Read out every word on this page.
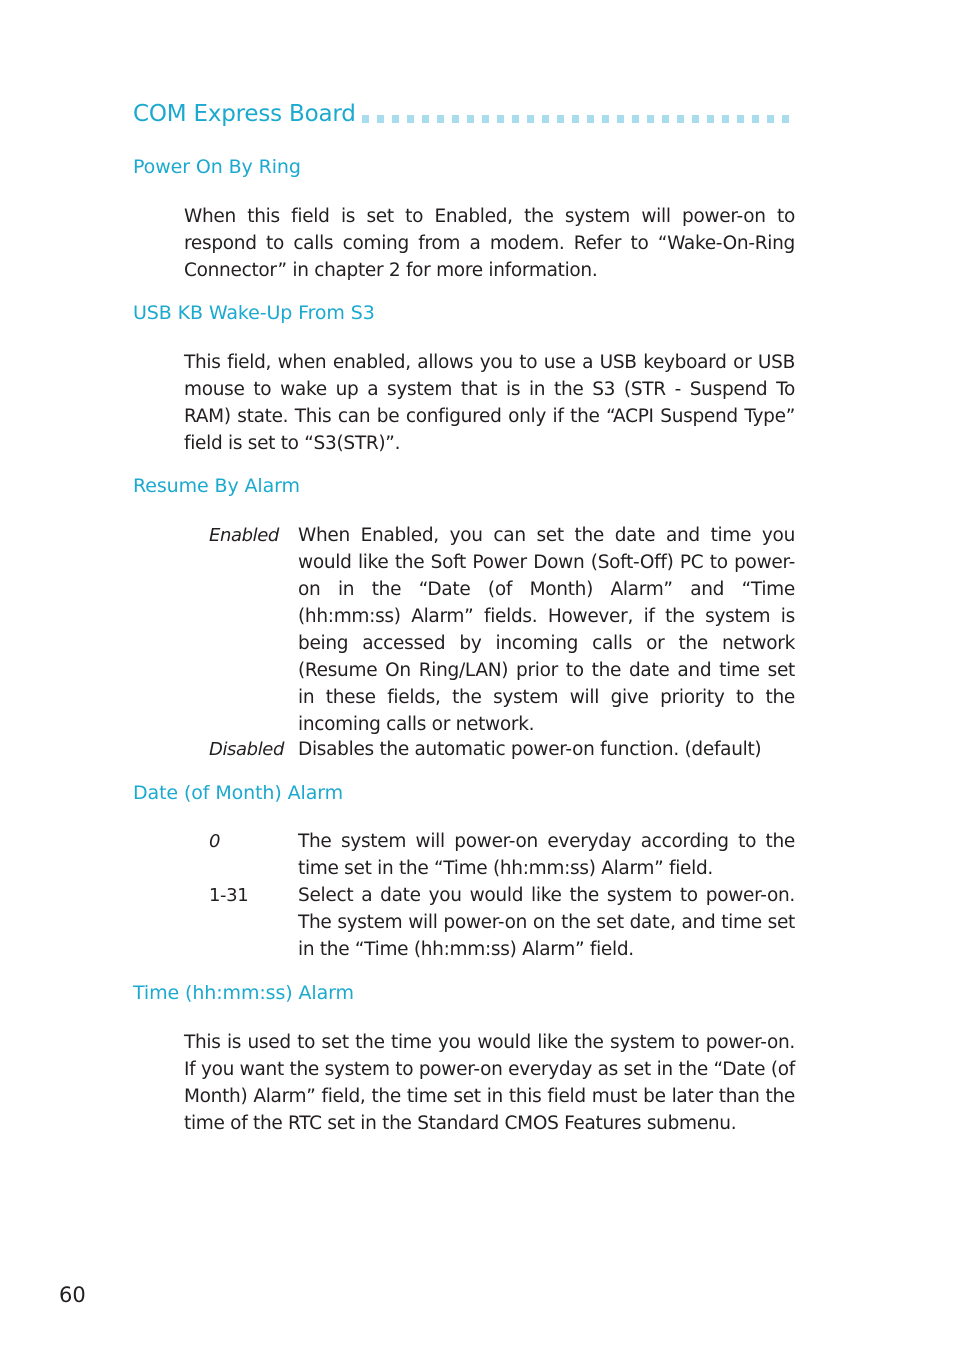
COM Express Board
Power On By Ring
When this field is set to Enabled, the system will power-on to respond to calls coming from a modem. Refer to “Wake-On-Ring Connector” in chapter 2 for more information.
USB KB Wake-Up From S3
This field, when enabled, allows you to use a USB keyboard or USB mouse to wake up a system that is in the S3 (STR - Suspend To RAM) state. This can be configured only if the “ACPI Suspend Type” field is set to “S3(STR)”.
Resume By Alarm
Enabled When Enabled, you can set the date and time you would like the Soft Power Down (Soft-Off) PC to power-on in the “Date (of Month) Alarm” and “Time (hh:mm:ss) Alarm” fields. However, if the system is being accessed by incoming calls or the network (Resume On Ring/LAN) prior to the date and time set in these fields, the system will give priority to the incoming calls or network.
Disabled Disables the automatic power-on function. (default)
Date (of Month) Alarm
0	The system will power-on everyday according to the time set in the “Time (hh:mm:ss) Alarm” field.
1-31	Select a date you would like the system to power-on. The system will power-on on the set date, and time set in the “Time (hh:mm:ss) Alarm” field.
Time (hh:mm:ss) Alarm
This is used to set the time you would like the system to power-on. If you want the system to power-on everyday as set in the “Date (of Month) Alarm” field, the time set in this field must be later than the time of the RTC set in the Standard CMOS Features submenu.
60
